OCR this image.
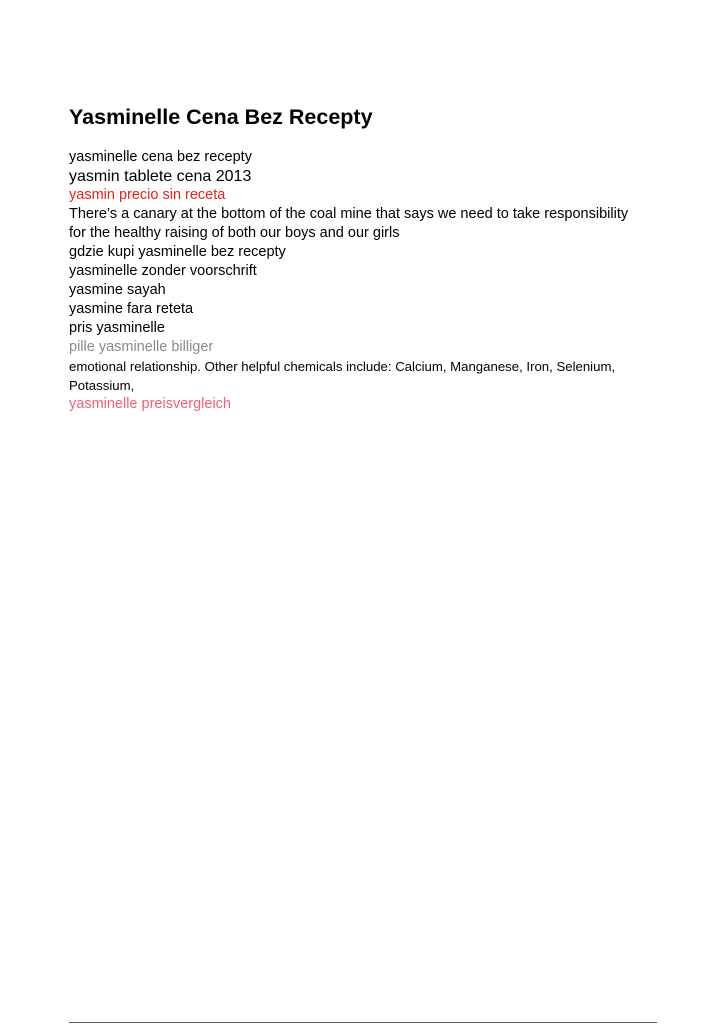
Yasminelle Cena Bez Recepty

yasminelle cena bez recepty

yasmin tablete cena 2013

yasmin precio sin receta

There’s a canary at the bottom of the coal mine that says we need to take responsibility for the healthy raising of both our boys and our girls

gdzie kupi yasminelle bez recepty

yasminelle zonder voorschrift

yasmine sayah

yasmine fara reteta

pris yasminelle

pille yasminelle billiger

emotional relationship. Other helpful chemicals include: Calcium, Manganese, Iron, Selenium, Potassium,

yasminelle preisvergleich
